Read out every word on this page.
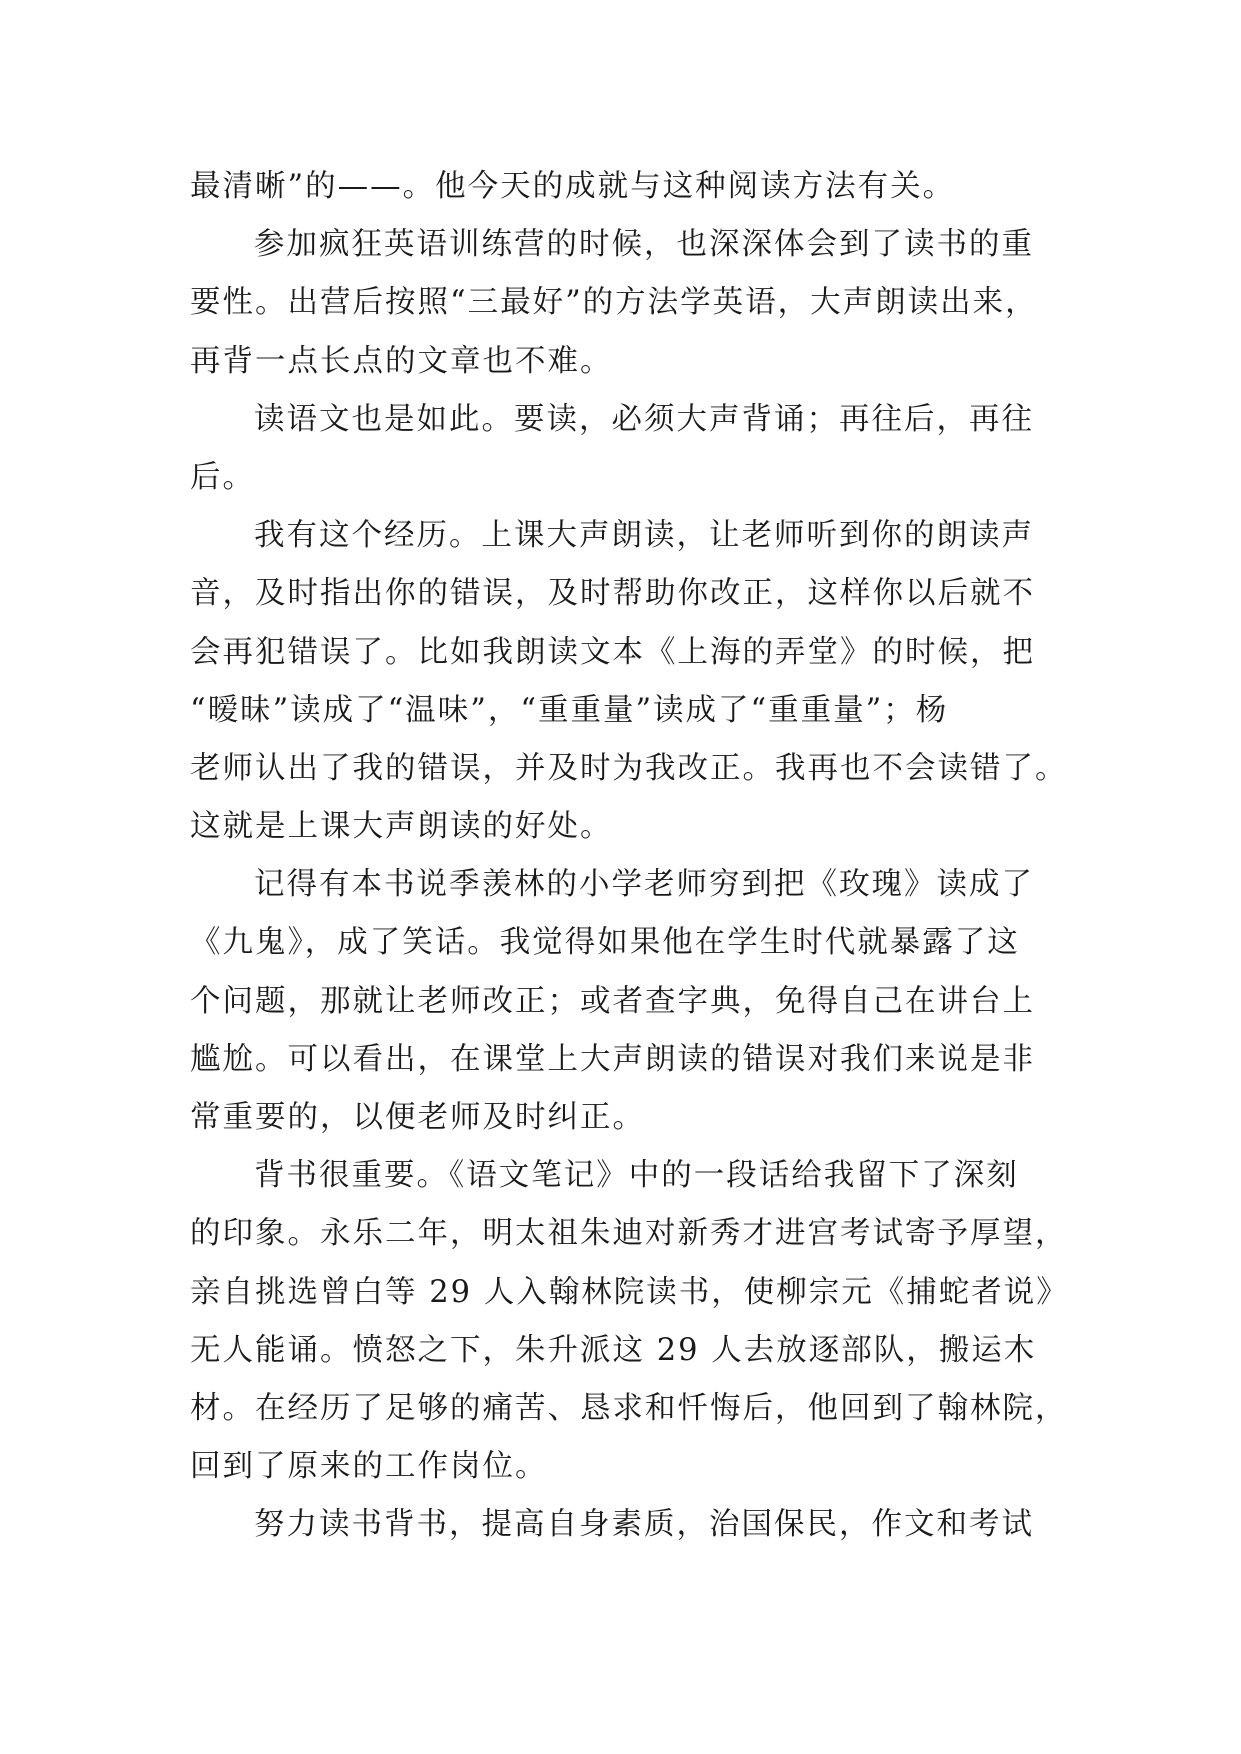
最清晰”的——。他今天的成就与这种阅读方法有关。
参加疯狂英语训练营的时候，也深深体会到了读书的重
要性。出营后按照“三最好”的方法学英语，大声朗读出来，
再背一点长点的文章也不难。
读语文也是如此。要读，必须大声背诵；再往后，再往
后。
我有这个经历。上课大声朗读，让老师听到你的朗读声
音，及时指出你的错误，及时帮助你改正，这样你以后就不
会再犯错误了。比如我朗读文本《上海的弄堂》的时候，把
“暧昧”读成了“温味”，“重重量”读成了“重重量”；杨
老师认出了我的错误，并及时为我改正。我再也不会读错了。
这就是上课大声朗读的好处。
记得有本书说季羡林的小学老师穷到把《玫瑰》读成了
《九鬼》，成了笑话。我觉得如果他在学生时代就暴露了这
个问题，那就让老师改正；或者查字典，免得自己在讲台上
尴尬。可以看出，在课堂上大声朗读的错误对我们来说是非
常重要的，以便老师及时纠正。
背书很重要。《语文笔记》中的一段话给我留下了深刻
的印象。永乐二年，明太祖朱迪对新秀才进宫考试寄予厚望，
亲自挑选曾白等 29 人入翰林院读书，使柳宗元《捕蛇者说》
无人能诵。愤怒之下，朱升派这 29 人去放逐部队，搬运木
材。在经历了足够的痛苦、恳求和忏悔后，他回到了翰林院，
回到了原来的工作岗位。
努力读书背书，提高自身素质，治国保民，作文和考试
